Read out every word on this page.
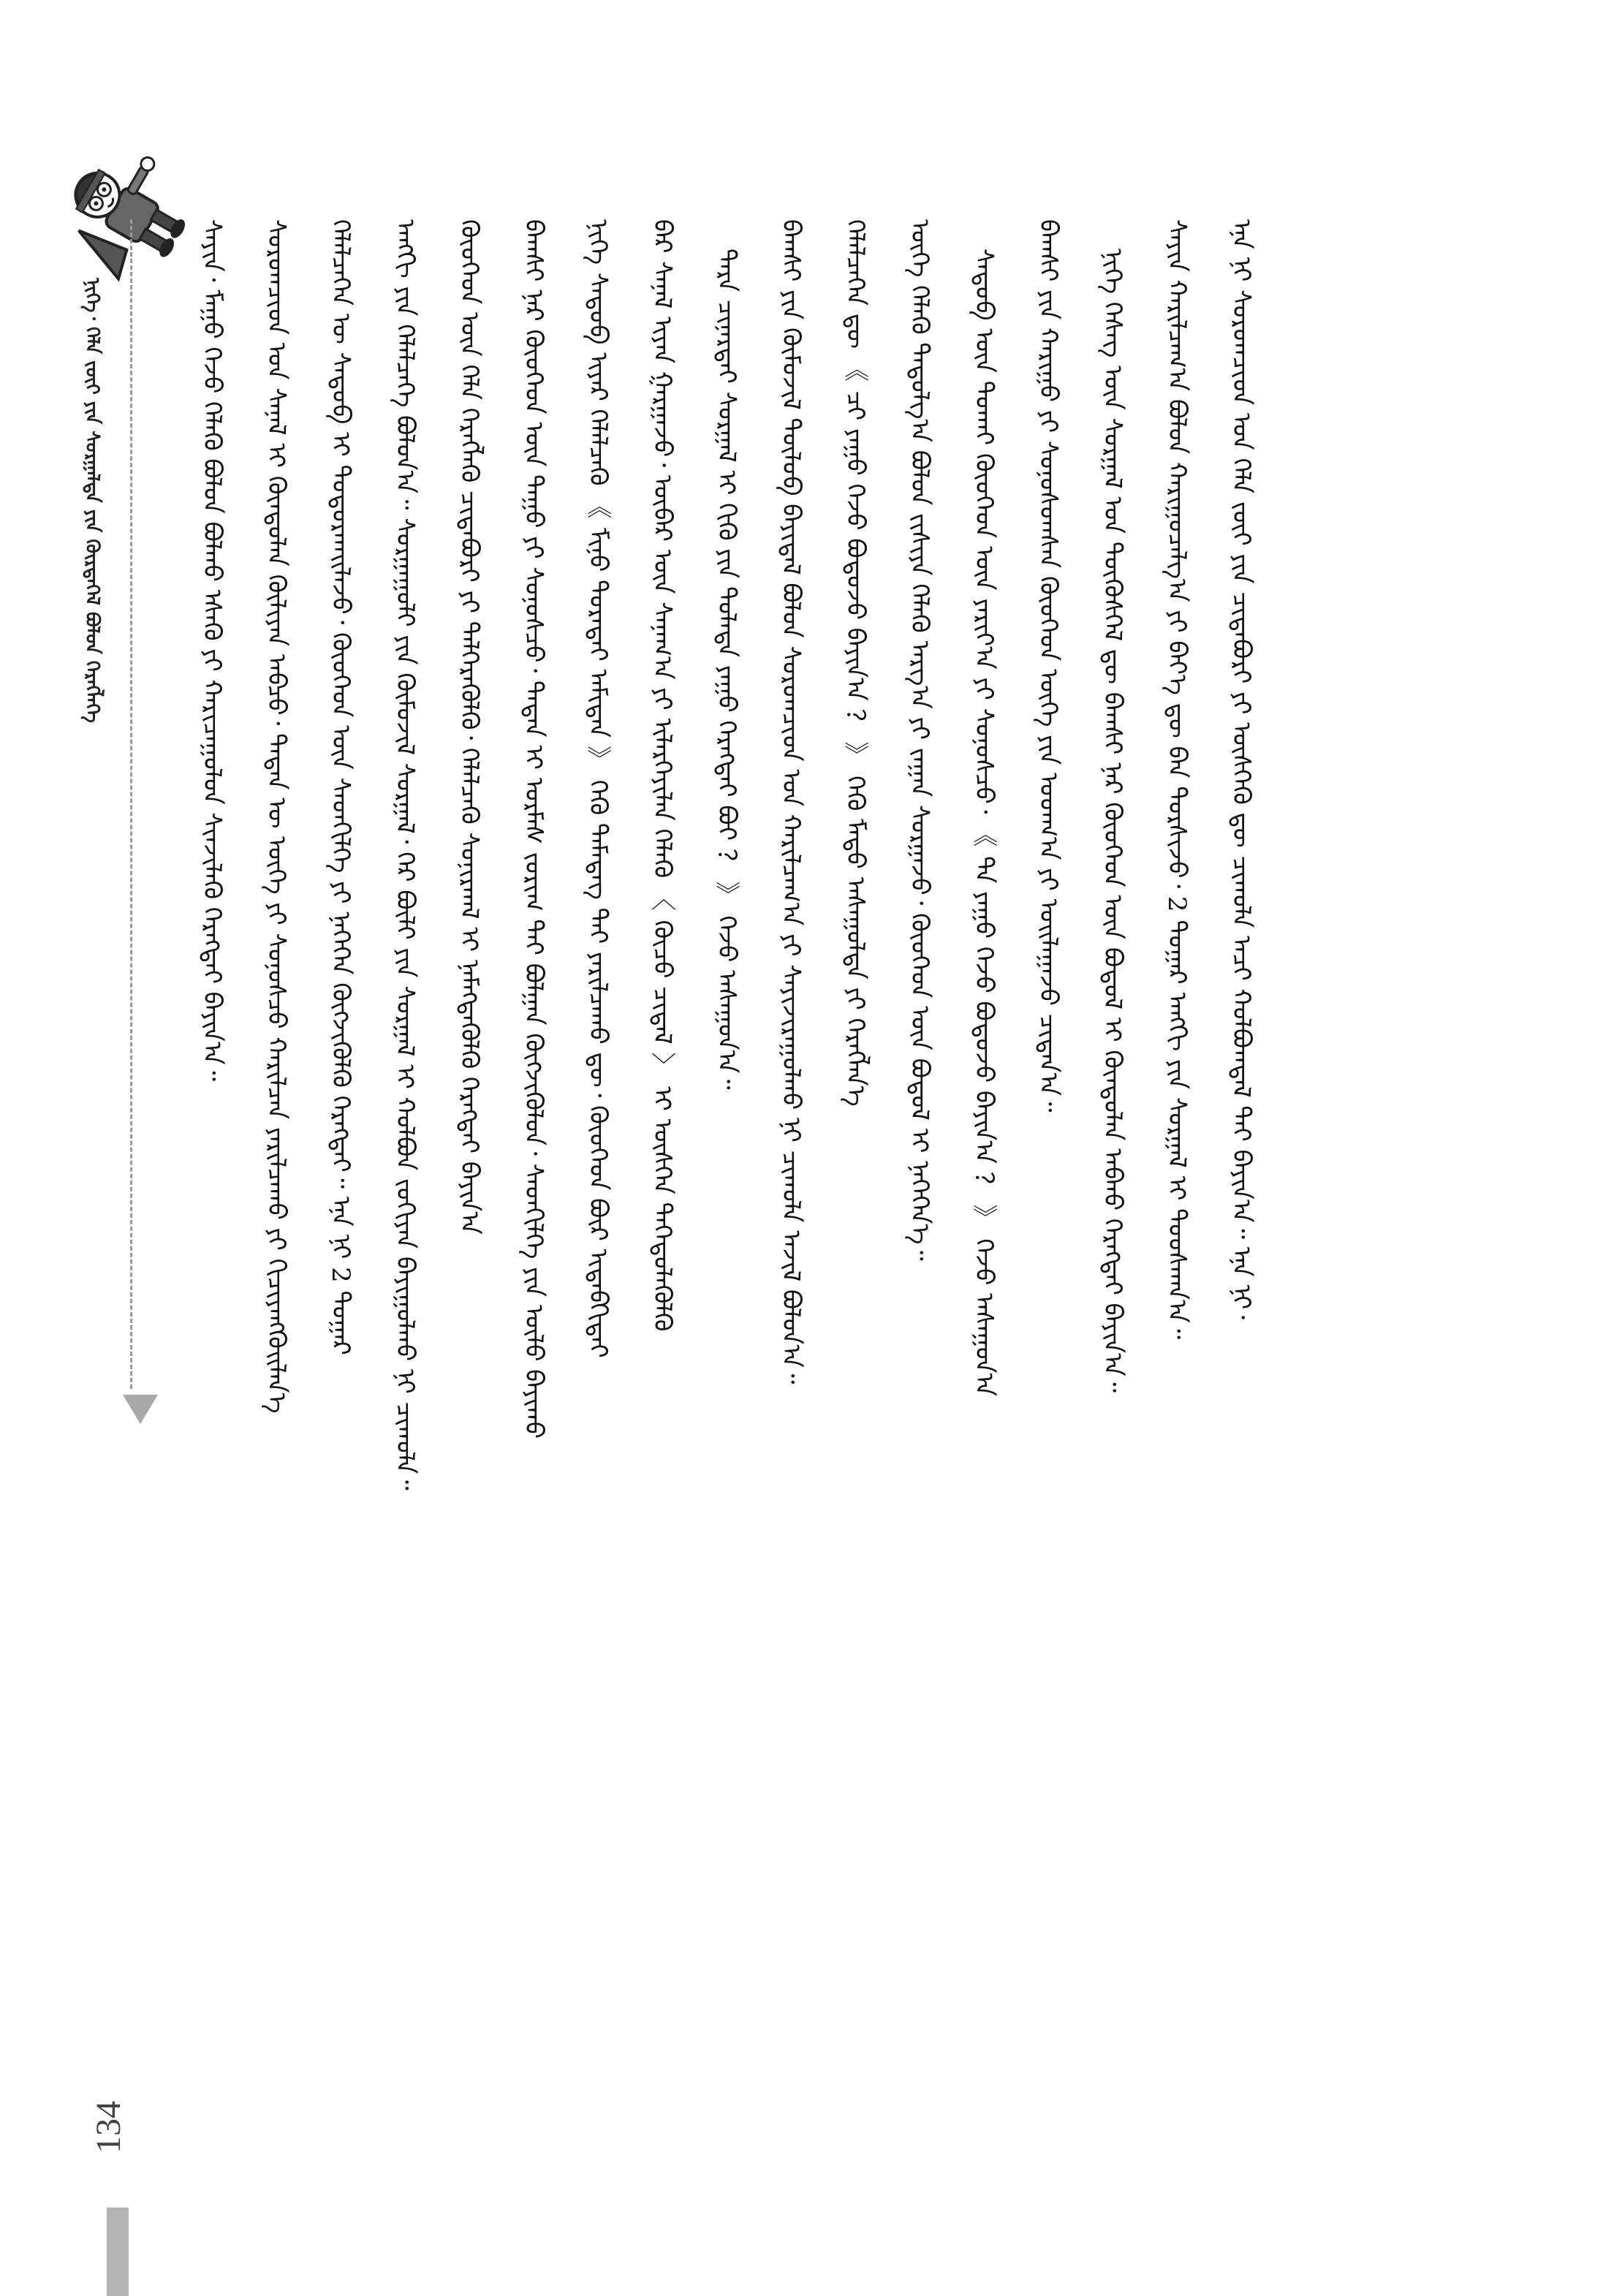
ᠨᠢᠭᠡ᠂ ᠬᠡᠯᠡ ᠵᠦᠢ ᠶᠢᠨ ᠰᠤᠷᠭᠠᠯᠳᠠ ᠶᠢᠨ ᠬᠦᠷᠲᠡᠭᠡᠯ ᠪᠣᠯᠤᠨ ᠬᠡᠷᠡᠭᠯᠡᠭᠡ	ᠰᠠᠶᠢᠨ᠂ ᠮᠠᠭᠤ ᠭᠡᠵᠦ ᠬᠡᠯᠡᠬᠦ ᠪᠣᠯᠤᠨ ᠪᠣᠯᠬᠤ ᠡᠰᠡᠬᠦ ᠶᠢ ᠬᠠᠷᠢᠴᠠᠭᠤᠯᠤᠨ ᠰᠢᠨᠵᠢᠯᠡᠬᠦ ᠬᠡᠷᠡᠭᠲᠡᠢ ᠪᠠᠶᠢᠨ᠎ᠠ᠃	ᠰᠤᠷᠤᠭᠴᠢᠳ ᠤᠨ ᠰᠠᠨᠠᠯ ᠢ ᠬᠦᠨᠳᠦᠯᠡᠨ ᠬᠦᠯᠢᠶᠡᠨ ᠠᠪᠴᠤ᠂ ᠲᠡᠳᠡᠨ ᠦ ᠦᠭᠡ ᠶᠢ ᠰᠣᠨᠤᠰᠴᠤ ᠬᠠᠷᠢᠯᠴᠠᠨ ᠶᠠᠷᠢᠯᠴᠠᠬᠤ ᠶᠢ ᠬᠢᠴᠢᠶᠡᠩᠭᠦᠢᠯᠡᠨ᠎ᠡ	ᠬᠡᠯᠡᠯᠴᠡᠭᠡᠨ ᠦ ᠰᠡᠳᠦᠪ ᠢ ᠲᠣᠳᠤᠷᠬᠠᠢᠯᠠᠵᠤ᠂ ᠬᠦᠦᠬᠡᠳ ᠦᠨ ᠰᠡᠳᠬᠢᠯᠭᠡ ᠶᠢ ᠨᠡᠭᠡᠭᠡᠨ ᠬᠥᠭᠵᠢᠭᠦᠯᠬᠦ ᠬᠡᠷᠡᠭᠲᠡᠢ᠃ ᠡᠨᠡ ᠨᠢ 2 ᠳᠤᠭᠠᠷ	ᠠᠩᠬᠢ ᠶᠢᠨ ᠬᠡᠯᠡᠯᠴᠡᠭᠡ ᠪᠣᠯᠤᠨ᠎ᠠ᠃ ᠰᠤᠷᠭᠠᠭᠤᠯᠢ ᠶᠢᠨ ᠬᠦᠮᠦᠵᠢᠯ ᠰᠤᠷᠭᠠᠯ᠂ ᠭᠡᠷ ᠪᠦᠯᠢ ᠶᠢᠨ ᠰᠤᠷᠭᠠᠯ ᠢ ᠬᠣᠯᠪᠣᠨ ᠵᠣᠬᠢᠶᠠᠨ ᠪᠠᠶᠢᠭᠤᠯᠬᠤ ᠨᠢ ᠴᠢᠬᠤᠯᠠ᠃	ᠬᠦᠦᠬᠡᠳ ᠦᠨ ᠬᠡᠯᠡ ᠬᠡᠷᠡᠭᠯᠡᠬᠦ ᠴᠢᠳᠠᠪᠤᠷᠢ ᠶᠢ ᠲᠡᠯᠭᠡᠷᠡᠭᠦᠯᠬᠦ᠂ ᠬᠡᠯᠡᠯᠴᠡᠬᠦ ᠰᠣᠨᠢᠷᠬᠠᠯ ᠢ ᠨᠡᠮᠡᠭᠳᠡᠭᠦᠯᠬᠦ ᠬᠡᠷᠡᠭᠲᠡᠢ ᠪᠠᠶᠢᠨ᠎ᠠ	ᠪᠠᠭᠰᠢ ᠨᠠᠷ ᠬᠦᠦᠬᠡᠳ ᠦᠨ ᠳᠠᠭᠤ ᠶᠢ ᠰᠣᠨᠤᠰᠴᠤ᠂ ᠲᠡᠳᠡᠨ ᠢ ᠤᠷᠮᠠᠰ ᠵᠣᠷᠢᠭ ᠲᠠᠢ ᠪᠣᠯᠭᠠᠨ ᠬᠥᠭᠵᠢᠭᠦᠯᠦᠨ᠂ ᠰᠡᠳᠬᠢᠯᠭᠡ ᠶᠢᠨ ᠦᠯᠦ ᠪᠠᠶᠢᠬᠤ	ᠨᠢᠭᠡ ᠰᠡᠳᠦᠪ ᠢᠶᠡᠷ ᠬᠡᠯᠡᠯᠴᠡᠬᠦ 《 ᠮᠢᠨᠤ ᠳᠤᠷᠠᠲᠠᠢ ᠠᠮᠢᠲᠠᠨ 》 ᠭᠡᠬᠦ ᠲᠡᠮᠡᠳᠡᠭ ᠲᠠᠢ ᠶᠠᠷᠢᠯᠴᠠᠬᠤ ᠳᠦ᠂ ᠬᠦᠦᠬᠡᠳ ᠪᠦᠷ ᠢᠳᠡᠪᠬᠢᠲᠡᠢ	ᠪᠠᠷ ᠰᠠᠨᠠᠯ ᠢᠶᠡᠨ ᠭᠠᠷᠭᠠᠵᠤ᠂ ᠥᠪᠡᠷ ᠦᠨ ᠰᠠᠨᠠᠭ᠎ᠠ ᠶᠢ ᠢᠯᠡᠷᠬᠡᠶᠢᠯᠡᠨ ᠬᠡᠯᠡᠬᠦ 〈 ᠬᠦᠴᠦ ᠴᠢᠳᠠᠯ 〉 ᠢ ᠥᠰᠭᠡᠨ ᠳᠡᠭᠡᠳᠦᠯᠡᠭᠦᠯᠬᠦ	ᠲᠡᠷᠡ ᠴᠢᠨᠠᠷᠲᠠᠢ ᠰᠤᠷᠭᠠᠯ ᠢ ᠬᠢᠬᠦ ᠶᠢᠨ ᠲᠤᠯᠠᠳᠠ ᠶᠠᠭᠤ ᠬᠡᠷᠡᠭᠲᠡᠢ ᠪᠤᠢ ？ 》 ᠭᠡᠵᠦ ᠠᠰᠠᠭᠤᠨ᠎ᠠ᠃	ᠪᠠᠭᠰᠢ ᠶᠢᠨ ᠬᠦᠮᠦᠵᠢᠯ ᠲᠥᠯᠦᠪ ᠪᠠᠶᠢᠳᠠᠯ ᠪᠣᠯᠤᠨ ᠰᠤᠷᠤᠭᠴᠢᠳ ᠤᠨ ᠬᠠᠷᠢᠯᠴᠠᠭ᠎ᠠ ᠶᠢ ᠰᠠᠶᠢᠵᠢᠷᠠᠭᠤᠯᠬᠤ ᠨᠢ ᠴᠢᠬᠤᠯᠠ ᠠᠵᠢᠯ ᠪᠣᠯᠤᠨ᠎ᠠ᠃	ᠬᠡᠯᠡᠯᠴᠡᠭᠡᠨ ᠳᠦ 《 ᠴᠢ ᠶᠠᠭᠤ ᠭᠡᠵᠦ ᠪᠣᠳᠣᠵᠤ ᠪᠠᠶᠢᠨ᠎ᠠ ？ 》 ᠭᠡᠬᠦ ᠮᠡᠲᠦ ᠠᠰᠠᠭᠤᠯᠲᠠ ᠶᠢ ᠬᠡᠷᠡᠭᠯᠡᠨ᠎ᠡ	ᠦᠭᠡ ᠬᠡᠯᠡᠬᠦ ᠳᠠᠳᠤᠯᠭ᠎ᠠ ᠪᠣᠯᠤᠨ ᠵᠢᠱᠢᠶᠡ ᠬᠡᠯᠡᠬᠦ ᠠᠷᠭ᠎ᠠ ᠶᠢ ᠵᠠᠭᠠᠨ ᠰᠤᠷᠭᠠᠵᠤ᠂ ᠬᠦᠦᠬᠡᠳ ᠦᠨ ᠪᠣᠳᠣᠯ ᠢ ᠨᠡᠭᠡᠭᠡᠨ᠎ᠡ᠃	ᠰᠡᠳᠦᠪ ᠦᠨ ᠲᠤᠬᠠᠢ ᠬᠦᠦᠬᠡᠳ ᠦᠨ ᠶᠠᠷᠢᠶ᠎ᠠ ᠶᠢ ᠰᠣᠨᠤᠰᠴᠤ᠂ 《 ᠲᠠ ᠶᠠᠭᠤ ᠭᠡᠵᠦ ᠪᠣᠳᠣᠵᠤ ᠪᠠᠶᠢᠨ᠎ᠠ ？ 》 ᠭᠡᠵᠦ ᠠᠰᠠᠭᠤᠨ᠎ᠠ	ᠪᠠᠭᠰᠢ ᠶᠢᠨ ᠬᠠᠷᠢᠭᠤ ᠶᠢ ᠰᠣᠨᠤᠰᠤᠭᠰᠠᠨ ᠬᠦᠦᠬᠡᠳ ᠦᠭᠡ ᠶᠢᠨ ᠤᠳᠬ᠎ᠠ ᠶᠢ ᠣᠢᠯᠠᠭᠠᠵᠤ ᠴᠢᠳᠠᠨ᠎ᠠ᠃	ᠨᠢᠭᠡ ᠬᠡᠰᠡᠭ ᠦᠨ ᠰᠤᠷᠭᠠᠯ ᠤᠨ ᠲᠥᠭᠦᠰᠬᠡᠯ ᠳᠦ ᠪᠠᠭᠰᠢ ᠨᠠᠷ ᠬᠦᠦᠬᠡᠳ ᠦᠨ ᠪᠣᠳᠣᠯ ᠢ ᠬᠦᠨᠳᠦᠯᠡᠨ ᠠᠪᠬᠤ ᠬᠡᠷᠡᠭᠲᠡᠢ ᠪᠠᠶᠢᠨ᠎ᠠ᠃	ᠰᠠᠶᠢᠨ ᠬᠠᠷᠢᠯᠴᠠᠭ᠎ᠠ ᠪᠣᠯᠤᠨ ᠬᠠᠷᠢᠭᠤᠴᠠᠯᠭ᠎ᠠ ᠶᠢ ᠪᠡᠶ᠎ᠡ ᠳᠦ ᠪᠡᠨ ᠲᠤᠷᠰᠢᠵᠤ᠂ 2 ᠳᠤᠭᠠᠷ ᠠᠩᠬᠢ ᠶᠢᠨ ᠰᠤᠷᠭᠠᠯ ᠢ ᠳᠤᠤᠰᠬᠠᠨ᠎ᠠ᠃	ᠡᠨᠡ ᠨᠢ ᠰᠤᠷᠤᠭᠴᠢᠳ ᠤᠨ ᠬᠡᠯᠡ ᠵᠦᠢ ᠶᠢᠨ ᠴᠢᠳᠠᠪᠤᠷᠢ ᠶᠢ ᠥᠰᠭᠡᠬᠦ ᠳᠦ ᠴᠢᠬᠤᠯᠠ ᠠᠴᠢ ᠬᠣᠯᠪᠣᠭᠳᠠᠯ ᠲᠠᠢ ᠪᠠᠶᠢᠨ᠎ᠠ᠃ ᠡᠨᠡ ᠨᠢ᠂
134
